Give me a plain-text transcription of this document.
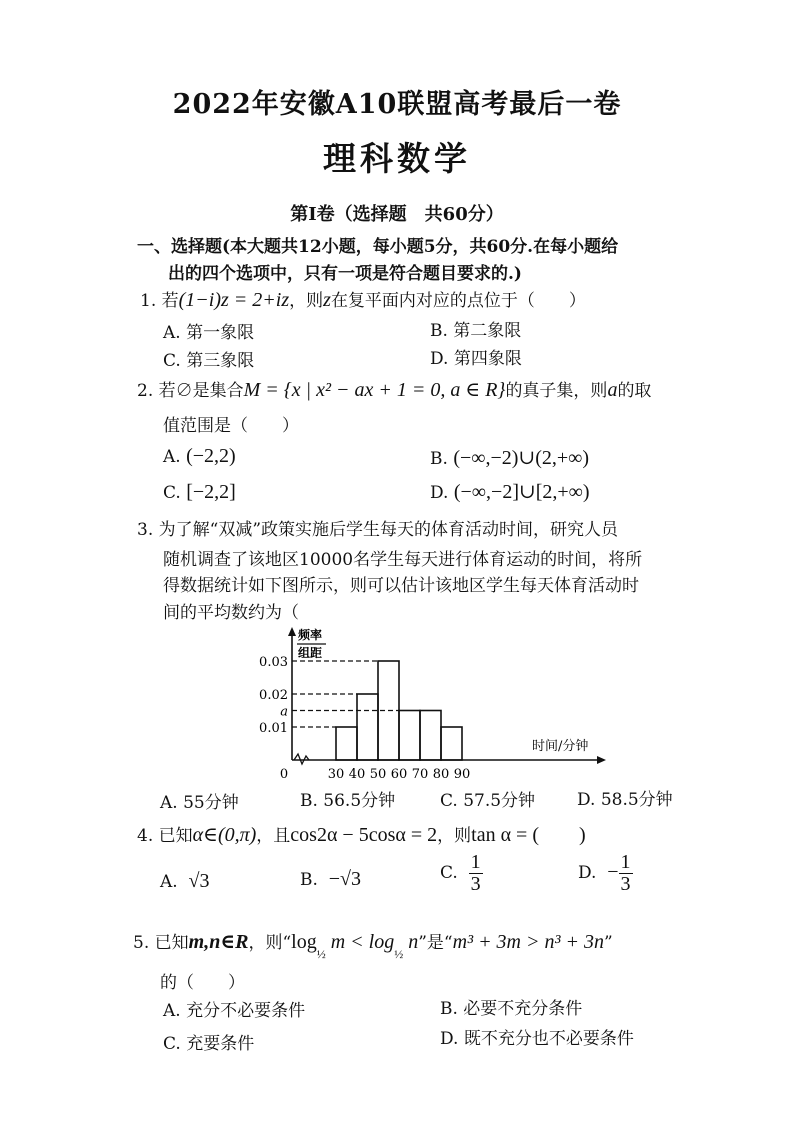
2022年安徽A10联盟高考最后一卷
理科数学
第Ⅰ卷（选择题　共60分）
一、选择题(本大题共12小题，每小题5分，共60分.在每小题给
出的四个选项中，只有一项是符合题目要求的.)
1. 若(1−i)z = 2+iz，则z在复平面内对应的点位于（　　）
A. 第一象限	B. 第二象限
C. 第三象限	D. 第四象限
2. 若∅是集合M = {x | x² − ax + 1 = 0, a ∈ R}的真子集，则a的取
值范围是（　　）
A. (−2,2)	B. (−∞,−2)∪(2,+∞)
C. [−2,2]	D. (−∞,−2]∪[2,+∞)
3. 为了解“双减”政策实施后学生每天的体育活动时间，研究人员
随机调查了该地区10000名学生每天进行体育运动的时间，将所
得数据统计如下图所示，则可以估计该地区学生每天体育活动时
间的平均数约为（
0.01
a
0.02
0.03
30 40 50 60 70 80 90
0
时间/分钟
频率
组距
A. 55分钟	B. 56.5分钟	C. 57.5分钟 D. 58.5分钟
4. 已知α∈(0,π)，且cos2α − 5cosα = 2，则tan α = (　　)
A. √3	B. −√3	C. $\frac{1}{3}$	D. − $\frac{1}{3}$
5. 已知m,n∈R，则“$\log_{\frac{1}{2}}$ $m < \log_{\frac{1}{2}} n$”是“m³ + 3m > n³ + 3n”
的（　　）
A. 充分不必要条件	B. 必要不充分条件
C. 充要条件	D. 既不充分也不必要条件
